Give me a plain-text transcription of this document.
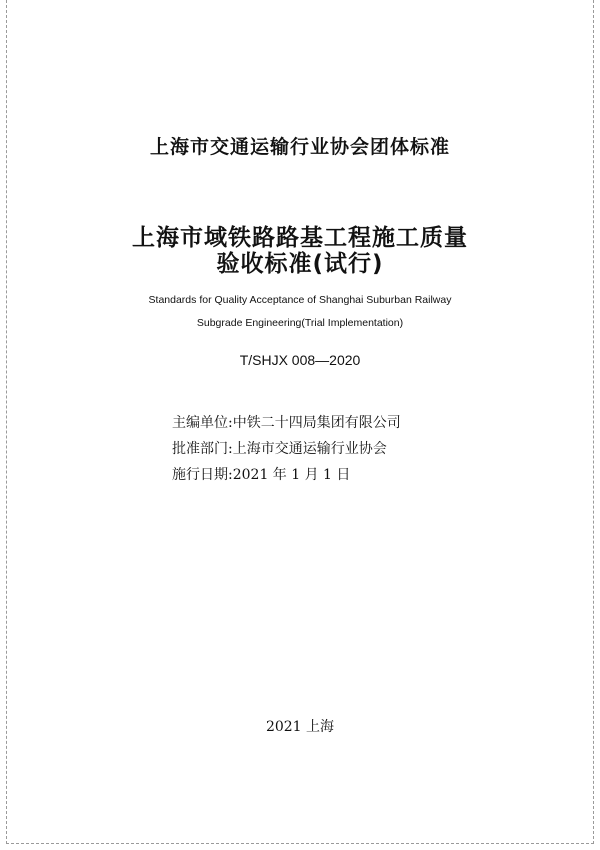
上海市交通运输行业协会团体标准
上海市域铁路路基工程施工质量
验收标准(试行)
Standards for Quality Acceptance of Shanghai Suburban Railway
Subgrade Engineering(Trial Implementation)
T/SHJX 008—2020
主编单位:中铁二十四局集团有限公司
批准部门:上海市交通运输行业协会
施行日期:2021 年 1 月 1 日
2021 上海
